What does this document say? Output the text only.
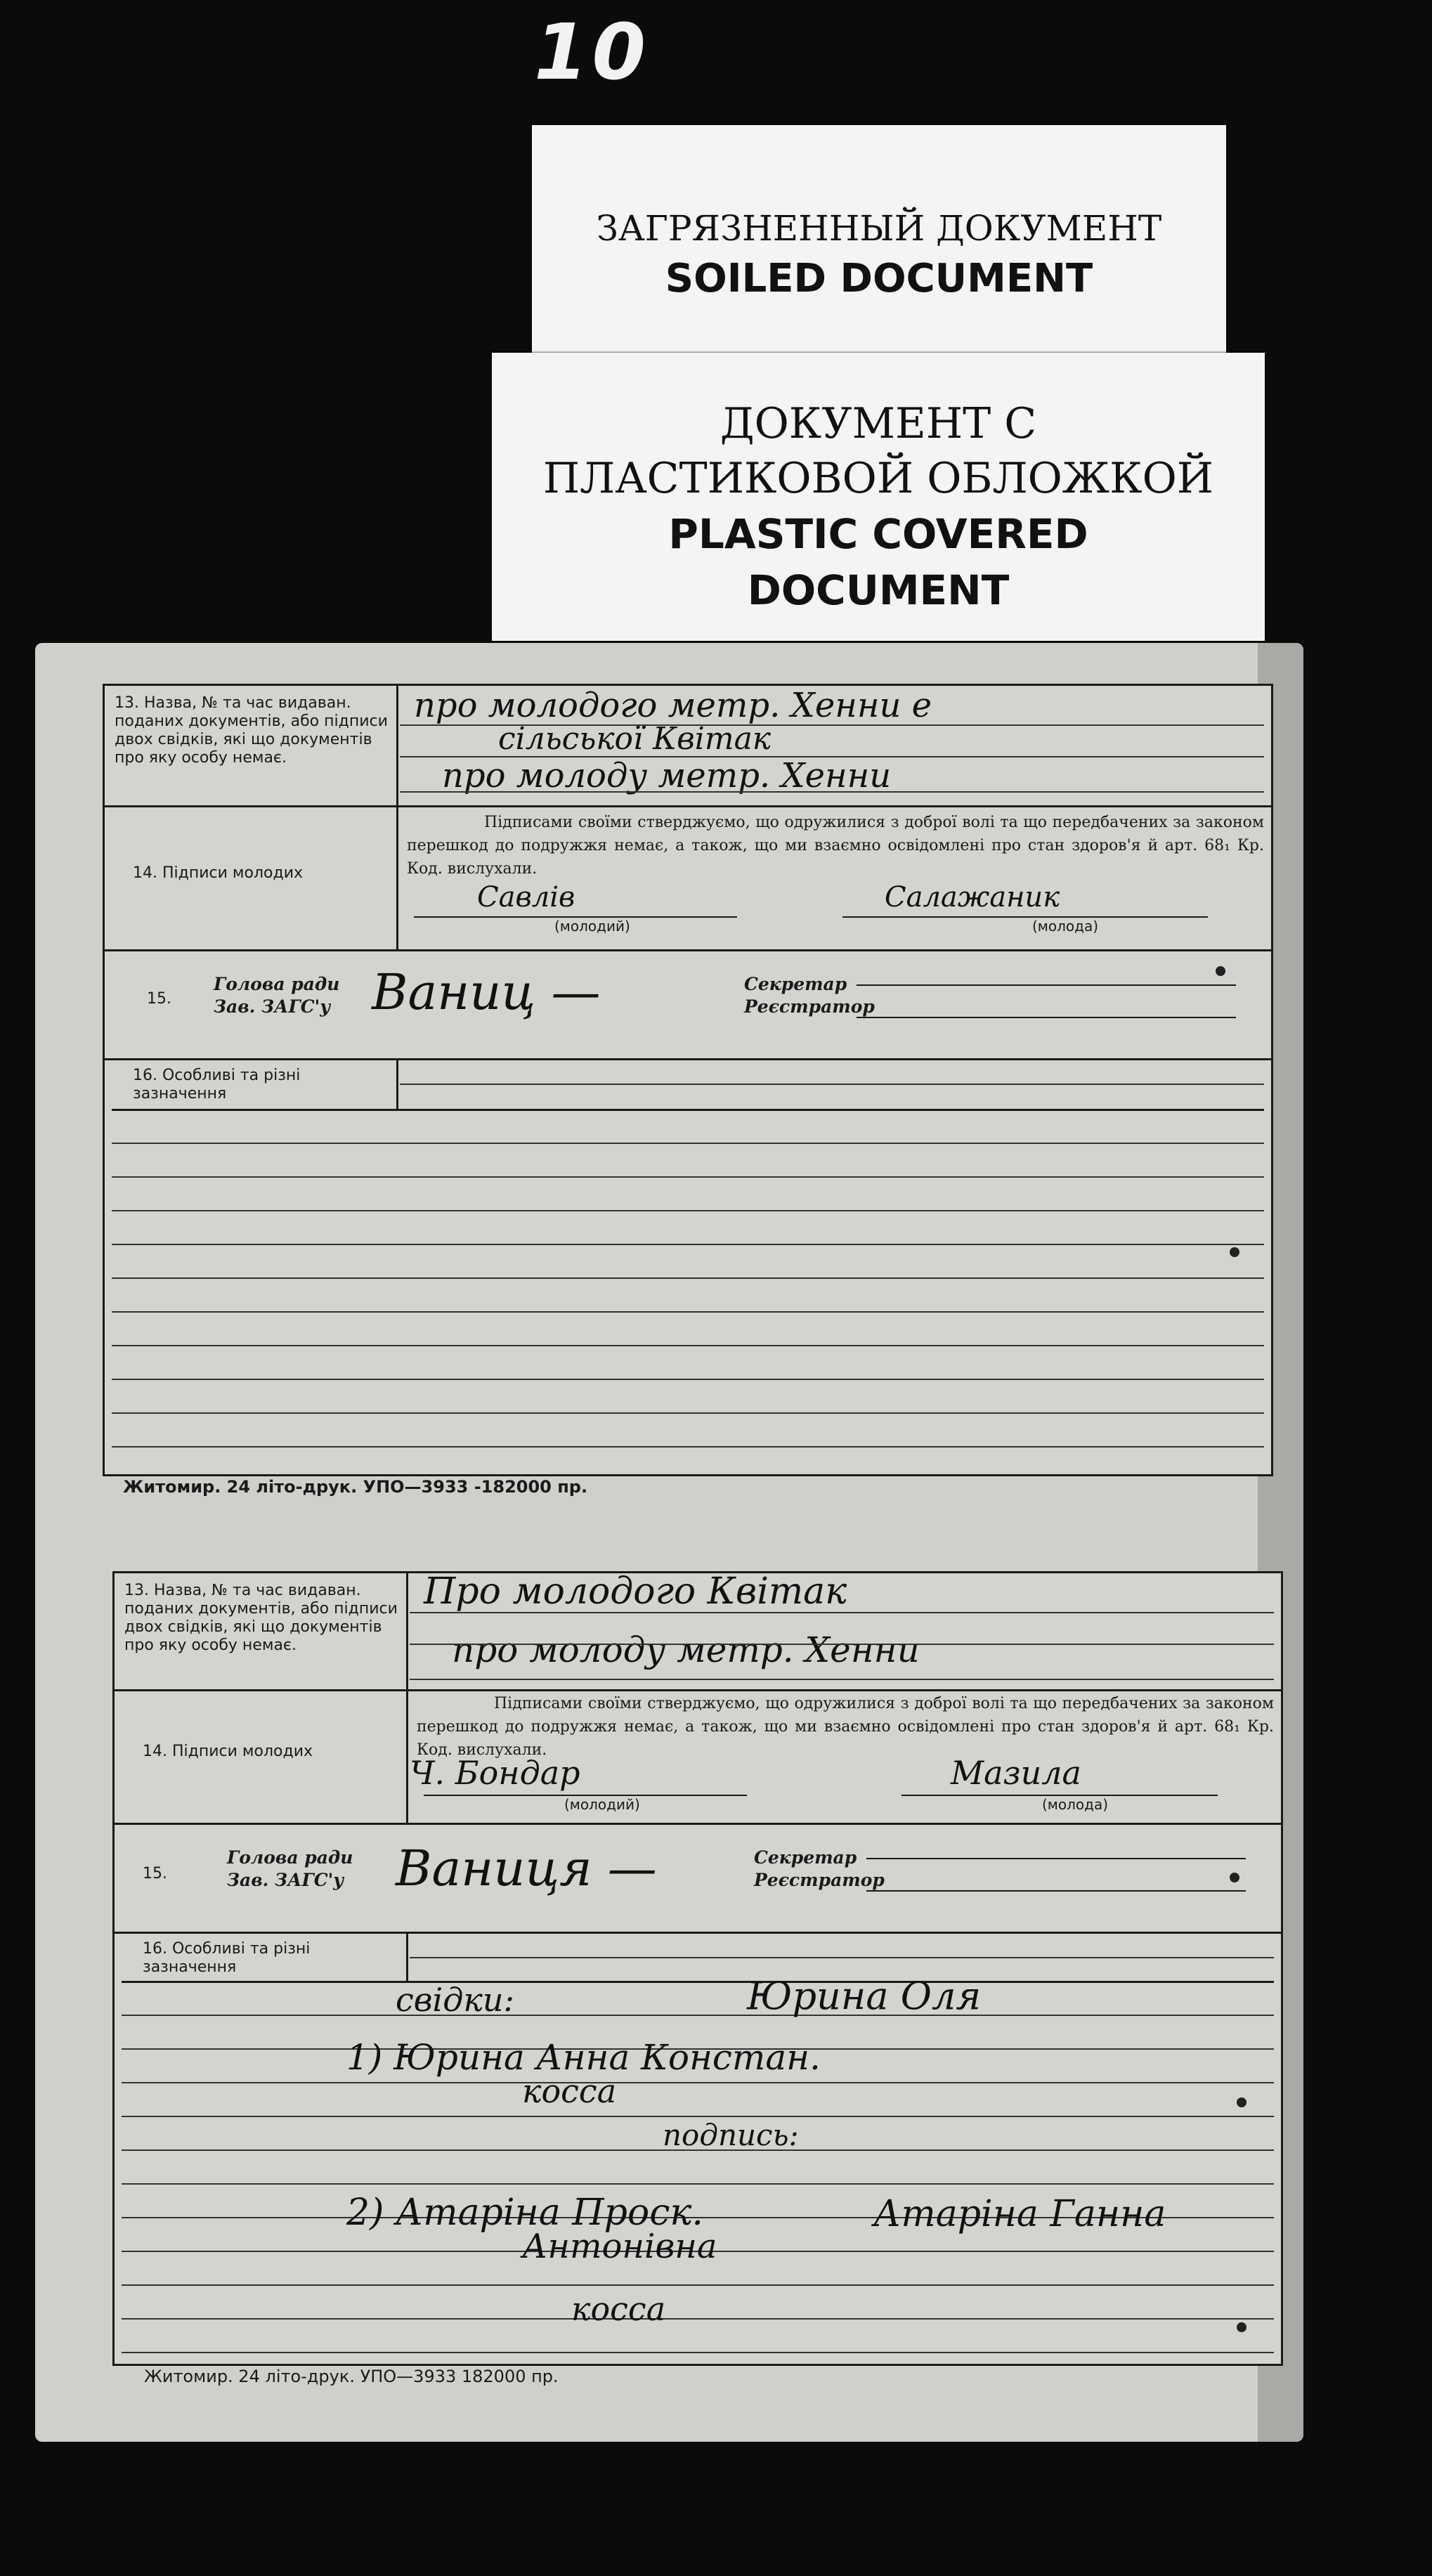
10
ЗАГРЯЗНЕННЫЙ ДОКУМЕНТ
SOILED DOCUMENT
ДОКУМЕНТ С
ПЛАСТИКОВОЙ ОБЛОЖКОЙ
PLASTIC COVERED
DOCUMENT
13. Назва, № та час видаван. поданих документів, або підписи двох свідків, які що документів про яку особу немає.
про молодого метр. Хенни е
сільської Квітак
про молоду метр. Хенни
14. Підписи молодих
Підписами своїми стверджуємо, що одружилися з доброї волі та що передбачених за законом перешкод до подружжя немає, а також, що ми взаємно освідомлені про стан здоров'я й арт. 68₁ Кр. Код. вислухали.
Савлів
(молодий)
Салажаник
(молода)
15.
Голова ради
Зав. ЗАГС'у Ваниц —	Секретар
Реєстратор
16. Особливі та різні зазначення
Житомир. 24 літо-друк. УПО—3933 -182000 пр.
13. Назва, № та час видаван. поданих документів, або підписи двох свідків, які що документів про яку особу немає.
Про молодого Квітак
про молоду метр. Хенни
14. Підписи молодих
Підписами своїми стверджуємо, що одружилися з доброї волі та що передбачених за законом перешкод до подружжя немає, а також, що ми взаємно освідомлені про стан здоров'я й арт. 68₁ Кр. Код. вислухали.
Ч. Бондар
(молодий)
Мазила
(молода)
15.
Голова ради
Зав. ЗАГС'у Ваниця —	Секретар
Реєстратор
16. Особливі та різні зазначення
свідки:	Юрина Оля
1) Юрина Анна Констан.
косса
подпись:
2) Атаріна Проск.	Атаріна Ганна
Антонівна
косса
Житомир. 24 літо-друк. УПО—3933 182000 пр.
